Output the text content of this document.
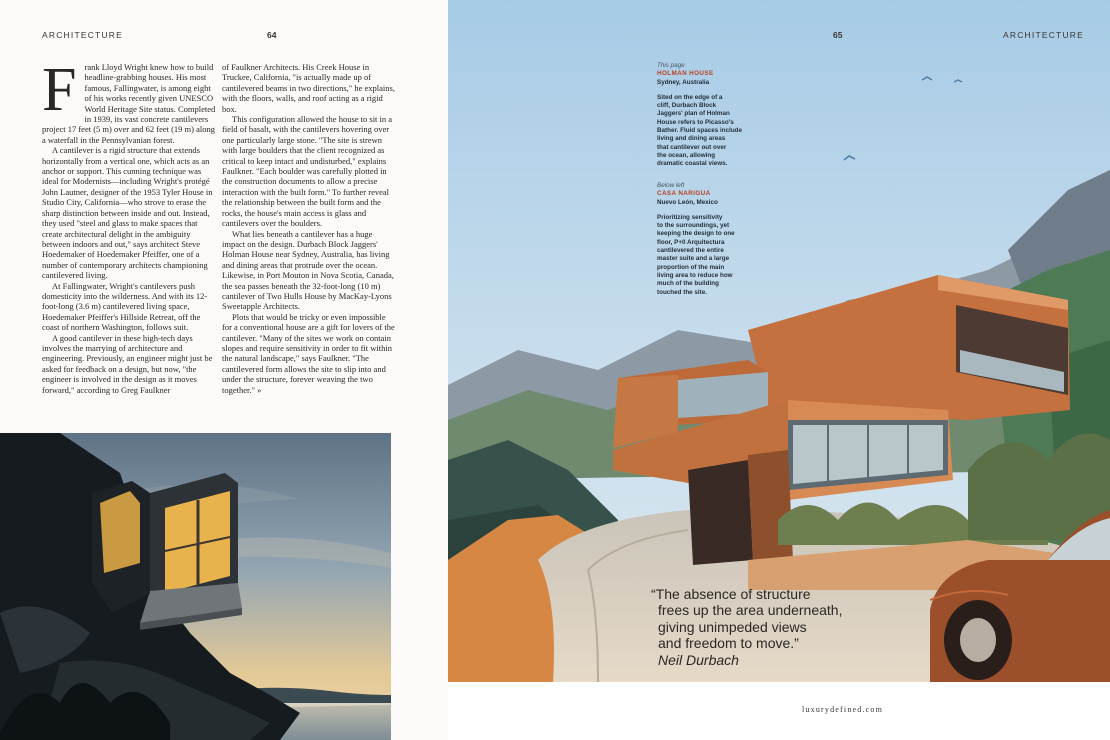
ARCHITECTURE	64

Frank Lloyd Wright knew how to build headline-grabbing houses. His most famous, Fallingwater, is among eight of his works recently given UNESCO World Heritage Site status. Completed in 1939, its vast concrete cantilevers project 17 feet (5 m) over and 62 feet (19 m) along a waterfall in the Pennsylvanian forest.

A cantilever is a rigid structure that extends horizontally from a vertical one, which acts as an anchor or support. This cunning technique was ideal for Modernists—including Wright's protégé John Lautner, designer of the 1953 Tyler House in Studio City, California—who strove to erase the sharp distinction between inside and out. Instead, they used "steel and glass to make spaces that create architectural delight in the ambiguity between indoors and out," says architect Steve Hoedemaker of Hoedemaker Pfeiffer, one of a number of contemporary architects championing cantilevered living.

At Fallingwater, Wright's cantilevers push domesticity into the wilderness. And with its 12-foot-long (3.6 m) cantilevered living space, Hoedemaker Pfeiffer's Hillside Retreat, off the coast of northern Washington, follows suit.

A good cantilever in these high-tech days involves the marrying of architecture and engineering. Previously, an engineer might just be asked for feedback on a design, but now, "the engineer is involved in the design as it moves forward," according to Greg Faulkner

of Faulkner Architects. His Creek House in Truckee, California, "is actually made up of cantilevered beams in two directions," he explains, with the floors, walls, and roof acting as a rigid box.

This configuration allowed the house to sit in a field of basalt, with the cantilevers hovering over one particularly large stone. "The site is strewn with large boulders that the client recognized as critical to keep intact and undisturbed," explains Faulkner. "Each boulder was carefully plotted in the construction documents to allow a precise interaction with the built form." To further reveal the relationship between the built form and the rocks, the house's main access is glass and cantilevers over the boulders.

What lies beneath a cantilever has a huge impact on the design. Durbach Block Jaggers' Holman House near Sydney, Australia, has living and dining areas that protrude over the ocean. Likewise, in Port Mouton in Nova Scotia, Canada, the sea passes beneath the 32-foot-long (10 m) cantilever of Two Hulls House by MacKay-Lyons Sweetapple Architects.

Plots that would be tricky or even impossible for a conventional house are a gift for lovers of the cantilever. "Many of the sites we work on contain slopes and require sensitivity in order to fit within the natural landscape," says Faulkner. "The cantilevered form allows the site to slip into and under the structure, forever weaving the two together." »

ARCHITECTURE
65
This page
HOLMAN HOUSE
Sydney, Australia
Sited on the edge of a
cliff, Durbach Block
Jaggers' plan of Holman
House refers to Picasso's
Bather. Fluid spaces include
living and dining areas
that cantilever out over
the ocean, allowing
dramatic coastal views.
Below left
CASA NARIGUA
Nuevo León, Mexico
Prioritizing sensitivity
to the surroundings, yet
keeping the design to one
floor, P+0 Arquitectura
cantilevered the entire
master suite and a large
proportion of the main
living area to reduce how
much of the building
touched the site.
“The absence of structure
frees up the area underneath,
giving unimpeded views
and freedom to move.”
Neil Durbach
luxurydefined.com
